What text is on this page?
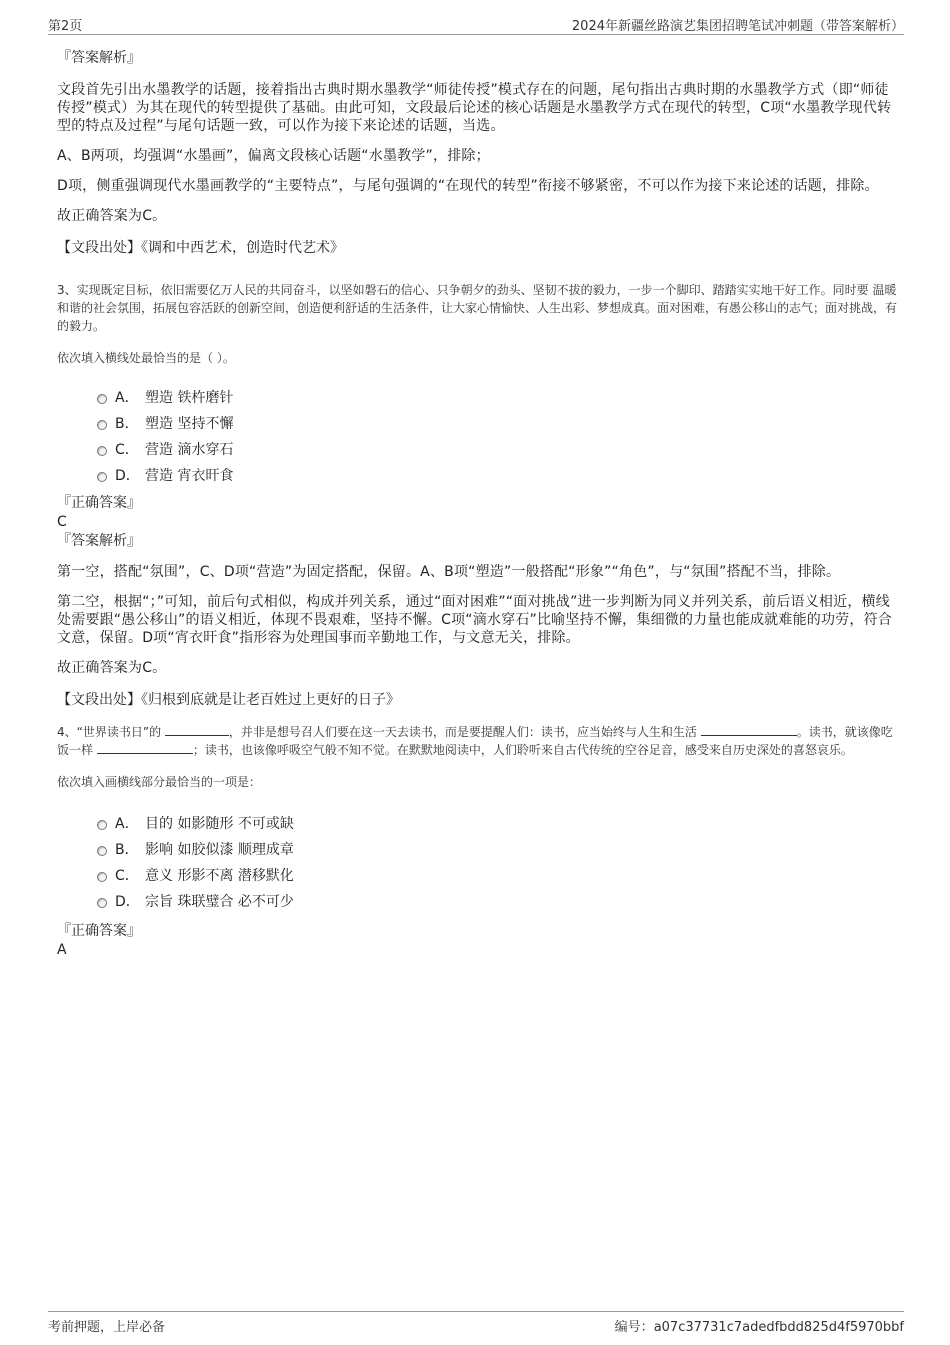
第2页	2024年新疆丝路演艺集团招聘笔试冲刺题（带答案解析）

『答案解析』

文段首先引出水墨教学的话题，接着指出古典时期水墨教学“师徒传授”模式存在的问题，尾句指出古典时期的水墨教学方式（即“师徒传授”模式）为其在现代的转型提供了基础。由此可知，文段最后论述的核心话题是水墨教学方式在现代的转型，C项“水墨教学现代转型的特点及过程”与尾句话题一致，可以作为接下来论述的话题，当选。

A、B两项，均强调“水墨画”，偏离文段核心话题“水墨教学”，排除；

D项，侧重强调现代水墨画教学的“主要特点”，与尾句强调的“在现代的转型”衔接不够紧密，不可以作为接下来论述的话题，排除。

故正确答案为C。

【文段出处】《调和中西艺术，创造时代艺术》

3、实现既定目标，依旧需要亿万人民的共同奋斗，以坚如磐石的信心、只争朝夕的劲头、坚韧不拔的毅力，一步一个脚印、踏踏实实地干好工作。同时要 温暖和谐的社会氛围，拓展包容活跃的创新空间，创造便利舒适的生活条件，让大家心情愉快、人生出彩、梦想成真。面对困难，有愚公移山的志气；面对挑战，有 的毅力。

依次填入横线处最恰当的是（ ）。

A． 塑造 铁杵磨针
B． 塑造 坚持不懈
C． 营造 滴水穿石
D． 营造 宵衣旰食

『正确答案』

C

『答案解析』

第一空，搭配“氛围”，C、D项“营造”为固定搭配，保留。A、B项“塑造”一般搭配“形象”“角色”，与“氛围”搭配不当，排除。

第二空，根据“；”可知，前后句式相似，构成并列关系，通过“面对困难”“面对挑战”进一步判断为同义并列关系，前后语义相近，横线处需要跟“愚公移山”的语义相近，体现不畏艰难，坚持不懈。C项“滴水穿石”比喻坚持不懈，集细微的力量也能成就难能的功劳，符合文意，保留。D项“宵衣旰食”指形容为处理国事而辛勤地工作，与文意无关，排除。

故正确答案为C。

【文段出处】《归根到底就是让老百姓过上更好的日子》

4、“世界读书日”的	，并非是想号召人们要在这一天去读书，而是要提醒人们：读书，应当始终与人生和生活	。读书，就该像吃饭一样	；读书，也该像呼吸空气般不知不觉。在默默地阅读中，人们聆听来自古代传统的空谷足音，感受来自历史深处的喜怒哀乐。

依次填入画横线部分最恰当的一项是：

A． 目的 如影随形 不可或缺
B． 影响 如胶似漆 顺理成章
C． 意义 形影不离 潜移默化
D． 宗旨 珠联璧合 必不可少

『正确答案』

A

考前押题，上岸必备	编号：a07c37731c7adedfbdd825d4f5970bbf
